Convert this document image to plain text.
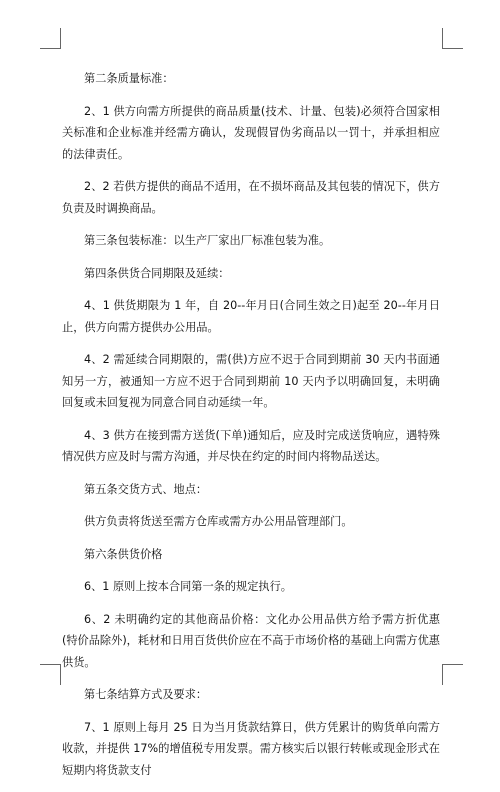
第二条质量标准：

2、1 供方向需方所提供的商品质量(技术、计量、包装)必须符合国家相关标准和企业标准并经需方确认，发现假冒伪劣商品以一罚十，并承担相应的法律责任。

2、2 若供方提供的商品不适用，在不损坏商品及其包装的情况下，供方负责及时调换商品。

第三条包装标准：以生产厂家出厂标准包装为准。

第四条供货合同期限及延续：

4、1 供货期限为 1 年，自 20--年月日(合同生效之日)起至 20--年月日止，供方向需方提供办公用品。

4、2 需延续合同期限的，需(供)方应不迟于合同到期前 30 天内书面通知另一方，被通知一方应不迟于合同到期前 10 天内予以明确回复，未明确回复或未回复视为同意合同自动延续一年。

4、3 供方在接到需方送货(下单)通知后，应及时完成送货响应，遇特殊情况供方应及时与需方沟通，并尽快在约定的时间内将物品送达。

第五条交货方式、地点：

供方负责将货送至需方仓库或需方办公用品管理部门。

第六条供货价格

6、1 原则上按本合同第一条的规定执行。

6、2 未明确约定的其他商品价格：文化办公用品供方给予需方折优惠(特价品除外)，耗材和日用百货供价应在不高于市场价格的基础上向需方优惠供货。

第七条结算方式及要求：

7、1 原则上每月 25 日为当月货款结算日，供方凭累计的购货单向需方收款，并提供 17%的增值税专用发票。需方核实后以银行转帐或现金形式在短期内将货款支付
